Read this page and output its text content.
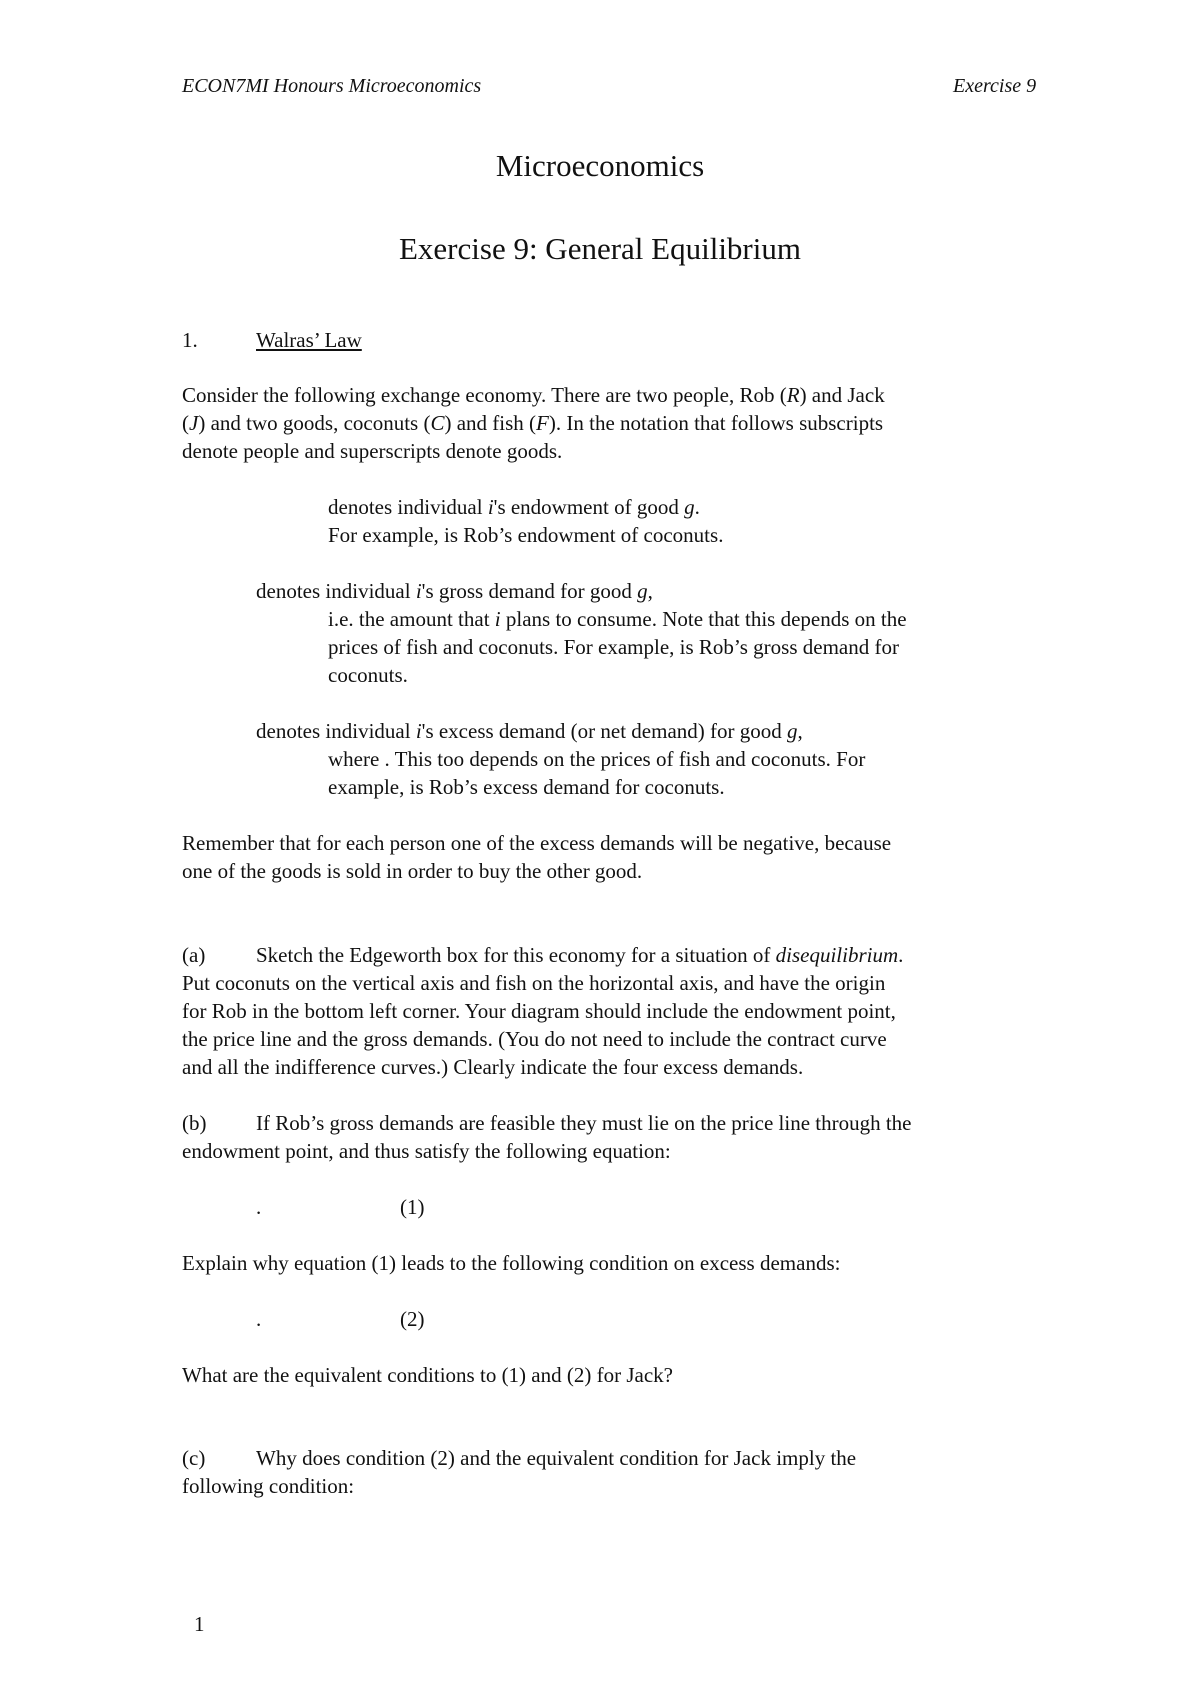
ECON7MI Honours Microeconomics	Exercise 9
Microeconomics
Exercise 9: General Equilibrium
1.	Walras’ Law
Consider the following exchange economy. There are two people, Rob (R) and Jack
(J) and two goods, coconuts (C) and fish (F). In the notation that follows subscripts
denote people and superscripts denote goods.
denotes individual i's endowment of good g.
For example, is Rob’s endowment of coconuts.
denotes individual i's gross demand for good g,
i.e. the amount that i plans to consume. Note that this depends on the
prices of fish and coconuts. For example, is Rob’s gross demand for
coconuts.
denotes individual i's excess demand (or net demand) for good g,
where . This too depends on the prices of fish and coconuts. For
example, is Rob’s excess demand for coconuts.
Remember that for each person one of the excess demands will be negative, because
one of the goods is sold in order to buy the other good.
(a) Sketch the Edgeworth box for this economy for a situation of disequilibrium.
Put coconuts on the vertical axis and fish on the horizontal axis, and have the origin
for Rob in the bottom left corner. Your diagram should include the endowment point,
the price line and the gross demands. (You do not need to include the contract curve
and all the indifference curves.) Clearly indicate the four excess demands.
(b) If Rob’s gross demands are feasible they must lie on the price line through the
endowment point, and thus satisfy the following equation:
.	(1)
Explain why equation (1) leads to the following condition on excess demands:
.	(2)
What are the equivalent conditions to (1) and (2) for Jack?
(c) Why does condition (2) and the equivalent condition for Jack imply the
following condition:
1
